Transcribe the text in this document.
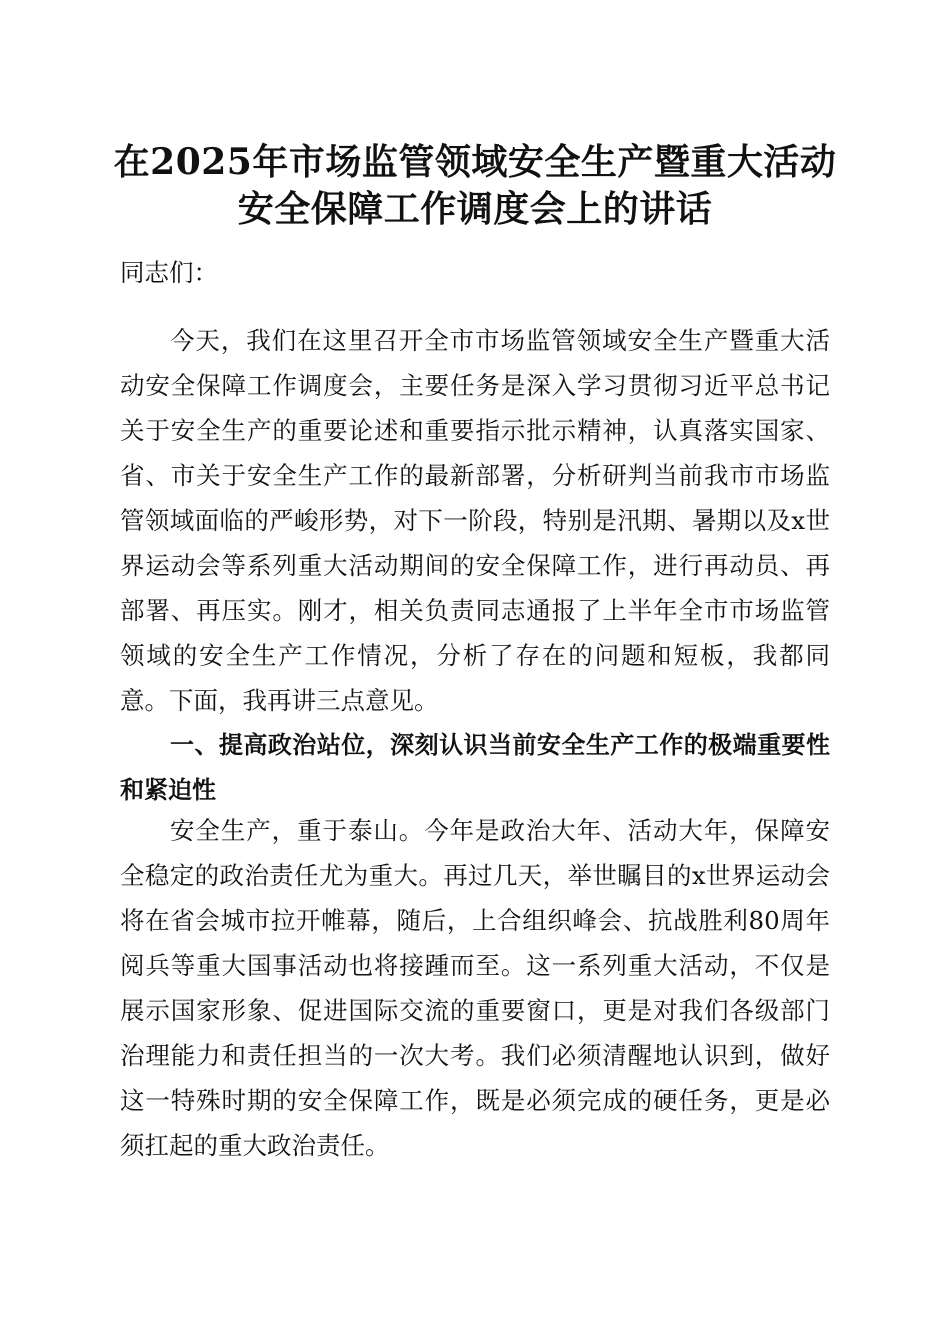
在2025年市场监管领域安全生产暨重大活动
安全保障工作调度会上的讲话

同志们：

今天，我们在这里召开全市市场监管领域安全生产暨重大活动安全保障工作调度会，主要任务是深入学习贯彻习近平总书记关于安全生产的重要论述和重要指示批示精神，认真落实国家、省、市关于安全生产工作的最新部署，分析研判当前我市市场监管领域面临的严峻形势，对下一阶段，特别是汛期、暑期以及x世界运动会等系列重大活动期间的安全保障工作，进行再动员、再部署、再压实。刚才，相关负责同志通报了上半年全市市场监管领域的安全生产工作情况，分析了存在的问题和短板，我都同意。下面，我再讲三点意见。

一、提高政治站位，深刻认识当前安全生产工作的极端重要性和紧迫性

安全生产，重于泰山。今年是政治大年、活动大年，保障安全稳定的政治责任尤为重大。再过几天，举世瞩目的x世界运动会将在省会城市拉开帷幕，随后，上合组织峰会、抗战胜利80周年阅兵等重大国事活动也将接踵而至。这一系列重大活动，不仅是展示国家形象、促进国际交流的重要窗口，更是对我们各级部门治理能力和责任担当的一次大考。我们必须清醒地认识到，做好这一特殊时期的安全保障工作，既是必须完成的硬任务，更是必须扛起的重大政治责任。
